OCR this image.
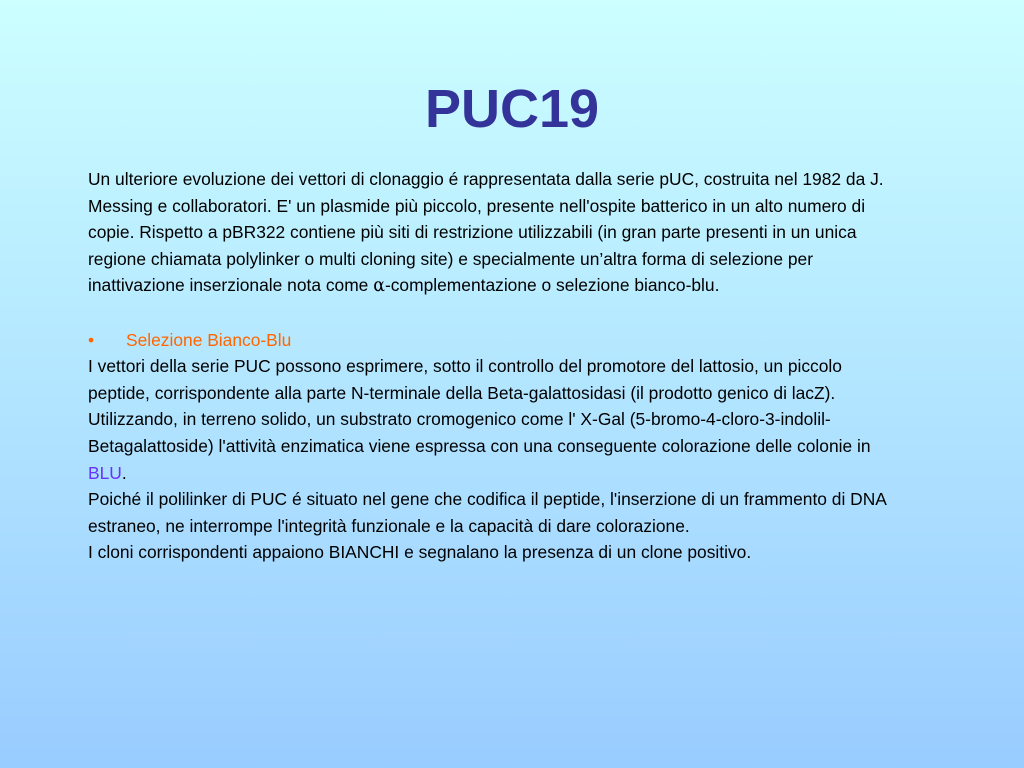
PUC19

Un ulteriore evoluzione dei vettori di clonaggio é rappresentata dalla serie pUC, costruita nel 1982 da J. Messing e collaboratori. E' un plasmide più piccolo, presente nell'ospite batterico in un alto numero di copie. Rispetto a pBR322 contiene più siti di restrizione utilizzabili (in gran parte presenti in un unica regione chiamata polylinker o multi cloning site) e specialmente un’altra forma di selezione per inattivazione inserzionale nota come α-complementazione o selezione bianco-blu.

•	Selezione Bianco-Blu

I vettori della serie PUC possono esprimere, sotto il controllo del promotore del lattosio, un piccolo peptide, corrispondente alla parte N-terminale della Beta-galattosidasi (il prodotto genico di lacZ).

Utilizzando, in terreno solido, un substrato cromogenico come l' X-Gal (5-bromo-4-cloro-3-indolil-Betagalattoside) l'attività enzimatica viene espressa con una conseguente colorazione delle colonie in BLU.

Poiché il polilinker di PUC é situato nel gene che codifica il peptide, l'inserzione di un frammento di DNA estraneo, ne interrompe l'integrità funzionale e la capacità di dare colorazione.

I cloni corrispondenti appaiono BIANCHI e segnalano la presenza di un clone positivo.
